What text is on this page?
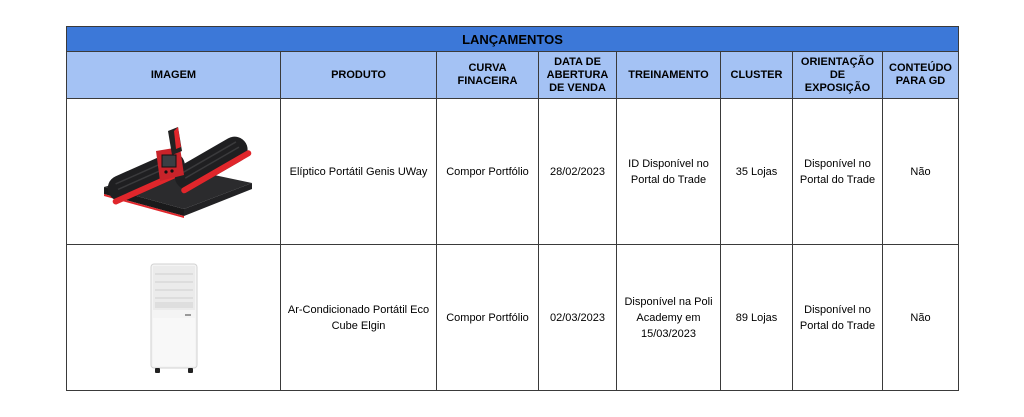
LANÇAMENTOS							
IMAGEM	PRODUTO	CURVA FINACEIRA	DATA DE ABERTURA DE VENDA	TREINAMENTO	CLUSTER	ORIENTAÇÃO DE EXPOSIÇÃO	CONTEÚDO PARA GD

	Elíptico Portátil Genis UWay	Compor Portfólio	28/02/2023	ID Disponível no Portal do Trade	35 Lojas	Disponível no Portal do Trade	Não

	Ar-Condicionado Portátil Eco Cube Elgin	Compor Portfólio	02/03/2023	Disponível na Poli Academy em 15/03/2023	89 Lojas	Disponível no Portal do Trade	Não
